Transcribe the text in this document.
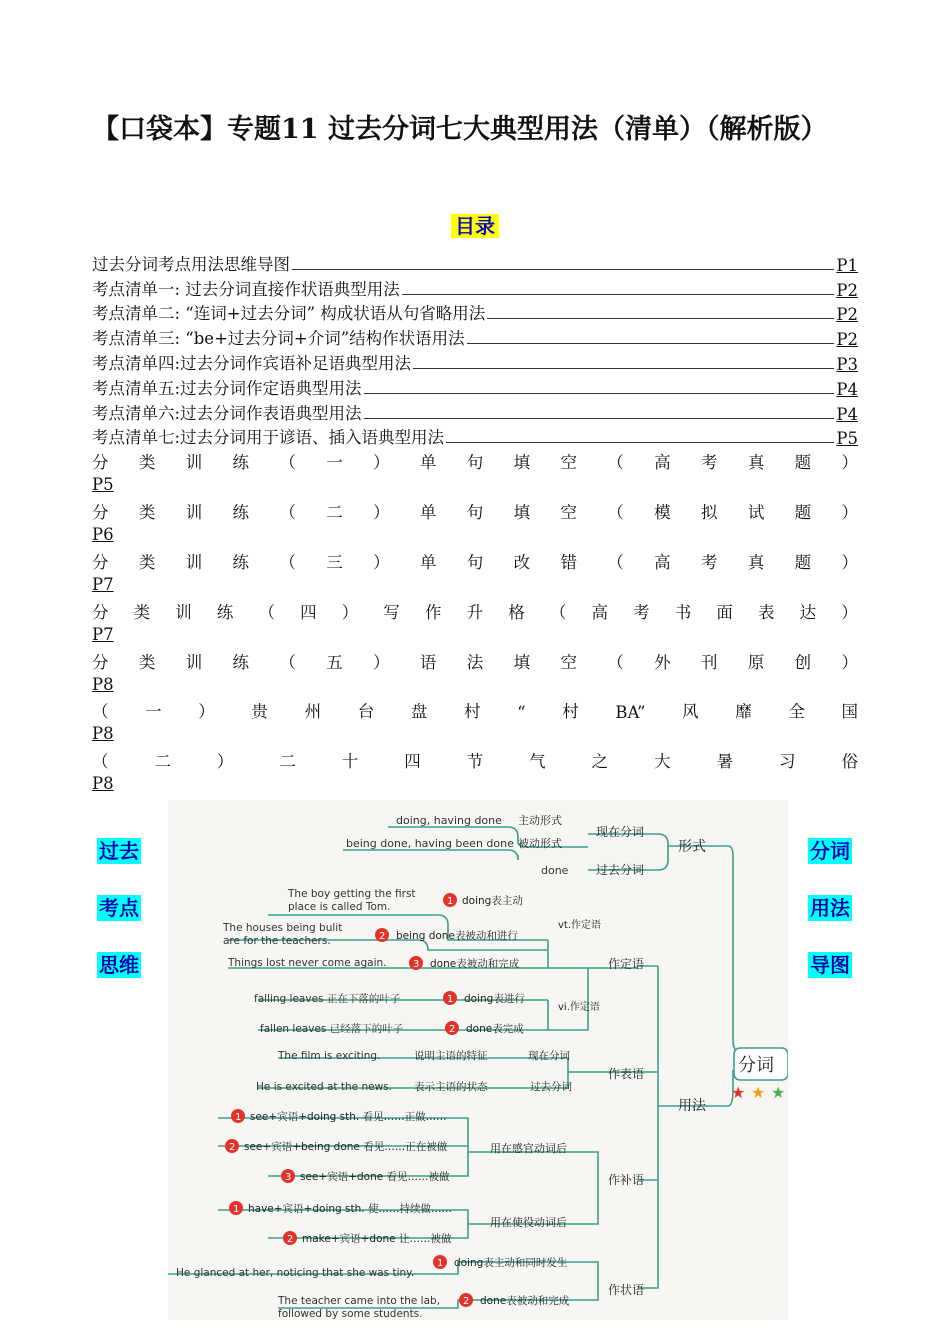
【口袋本】专题11 过去分词七大典型用法（清单）（解析版）
目录
过去分词考点用法思维导图	P1
考点清单一: 过去分词直接作状语典型用法	P2
考点清单二: “连词+过去分词” 构成状语从句省略用法	P2
考点清单三: “be+过去分词+介词”结构作状语用法	P2
考点清单四:过去分词作宾语补足语典型用法	P3
考点清单五:过去分词作定语典型用法	P4
考点清单六:过去分词作表语典型用法	P4
考点清单七:过去分词用于谚语、插入语典型用法	P5
分 类 训 练 （ 一 ） 单 句 填 空 （ 高 考 真 题 ）
P5
分 类 训 练 （ 二 ） 单 句 填 空 （ 模 拟 试 题 ）
P6
分 类 训 练 （ 三 ） 单 句 改 错 （ 高 考 真 题 ）
P7
分 类 训 练 （ 四 ） 写 作 升 格 （ 高 考 书 面 表 达 ）
P7
分 类 训 练 （ 五 ） 语 法 填 空 （ 外 刊 原 创 ）
P8
（ 一 ） 贵 州 台 盘 村 “ 村 BA” 风 靡 全 国
P8
（	二	）	二	十	四	节	气	之	大	暑	习	俗
P8
过去
考点
思维
分词
用法
导图
分词
★ ★ ★
形式
现在分词
过去分词
主动形式
被动形式
doing, having done
being done, having been done
done
用法
作定语
vt.作定语
vi.作定语
作表语
作补语
作状语
用在感官动词后
用在使役动词后
The boy getting the first
place is called Tom.	1 doing表主动
The houses being bulit
are for the teachers.	2 being done表被动和进行
Things lost never come again.	3 done表被动和完成
falling leaves 正在下落的叶子	1 doing表进行
fallen leaves 已经落下的叶子	2 done表完成
The film is exciting.	说明主语的特征	现在分词
He is excited at the news. 表示主语的状态	过去分词
1 see+宾语+doing sth. 看见……正做……
2 see+宾语+being done 看见……正在被做
3 see+宾语+done 看见……被做
1 have+宾语+doing sth. 使……持续做……
2 make+宾语+done 让……被做
He glanced at her, noticing that she was tiny.
1 doing表主动和同时发生
The teacher came into the lab,
followed by some students.
2 done表被动和完成
